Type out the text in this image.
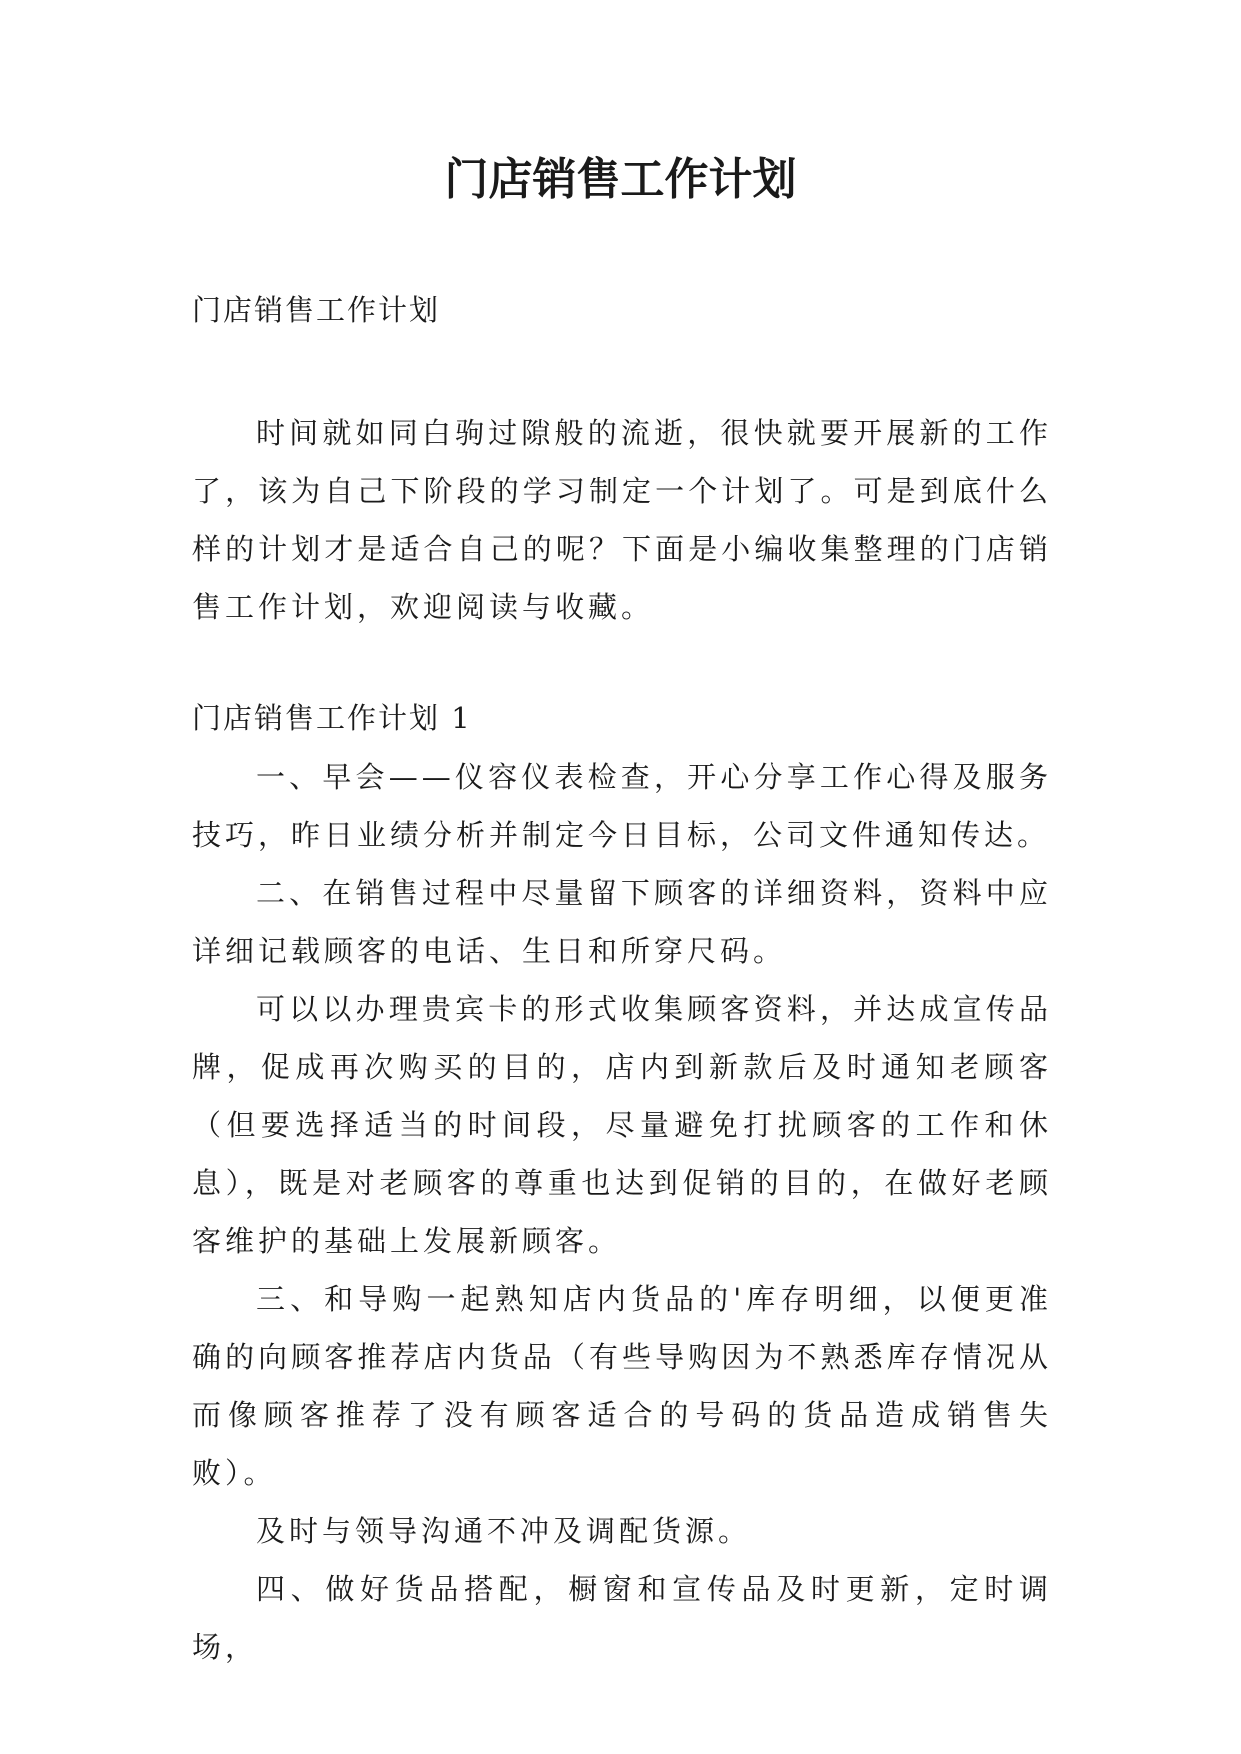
门店销售工作计划

门店销售工作计划

时间就如同白驹过隙般的流逝，很快就要开展新的工作了，该为自己下阶段的学习制定一个计划了。可是到底什么样的计划才是适合自己的呢？下面是小编收集整理的门店销售工作计划，欢迎阅读与收藏。

门店销售工作计划 1

一、早会——仪容仪表检查，开心分享工作心得及服务技巧，昨日业绩分析并制定今日目标，公司文件通知传达。

二、在销售过程中尽量留下顾客的详细资料，资料中应详细记载顾客的电话、生日和所穿尺码。

可以以办理贵宾卡的形式收集顾客资料，并达成宣传品牌，促成再次购买的目的，店内到新款后及时通知老顾客（但要选择适当的时间段，尽量避免打扰顾客的工作和休息），既是对老顾客的尊重也达到促销的目的，在做好老顾客维护的基础上发展新顾客。

三、和导购一起熟知店内货品的'库存明细，以便更准确的向顾客推荐店内货品（有些导购因为不熟悉库存情况从而像顾客推荐了没有顾客适合的号码的货品造成销售失败）。

及时与领导沟通不冲及调配货源。

四、做好货品搭配，橱窗和宣传品及时更新，定时调场，
